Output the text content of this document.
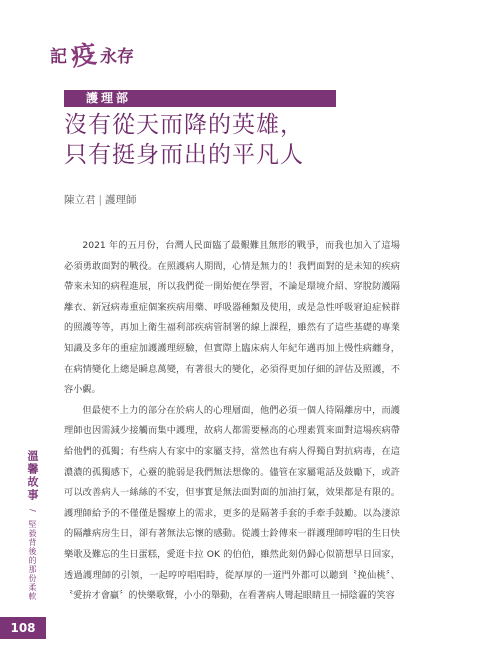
記 疫 永存
護理部
沒有從天而降的英雄，
只有挺身而出的平凡人
陳立君 | 護理師

2021 年的五月份，台灣人民面臨了最艱難且無形的戰爭，而我也加入了這場必須勇敢面對的戰役。在照護病人期間，心情是無力的！我們面對的是未知的疾病帶來未知的病程進展，所以我們從一開始便在學習，不論是環境介紹、穿脫防護隔離衣、新冠病毒重症個案疾病用藥、呼吸器種類及使用，或是急性呼吸窘迫症候群的照護等等，再加上衛生福利部疾病管制署的線上課程，雖然有了這些基礎的專業知識及多年的重症加護護理經驗，但實際上臨床病人年紀年邁再加上慢性病纏身，在病情變化上總是瞬息萬變，有著很大的變化，必須得更加仔細的評估及照護，不容小覷。

但最使不上力的部分在於病人的心理層面，他們必須一個人待隔離房中，而護理師也因需減少接觸而集中護理，故病人都需要極高的心理素質來面對這場疾病帶給他們的孤獨；有些病人有家中的家屬支持，當然也有病人得獨自對抗病毒，在這濃濃的孤獨感下，心靈的脆弱是我們無法想像的。儘管在家屬電話及鼓勵下，或許可以改善病人一絲絲的不安，但事實是無法面對面的加油打氣，效果都是有限的。護理師給予的不僅僅是醫療上的需求，更多的是隔著手套的手牽手鼓勵。以為淒涼的隔離病房生日，卻有著無法忘懷的感動。從護士鈴傳來一群護理師哼唱的生日快樂歌及難忘的生日蛋糕，愛逛卡拉 OK 的伯伯，雖然此刻仍歸心似箭想早日回家，透過護理師的引領，一起哼哼唱唱時，從厚厚的一道門外都可以聽到〝挽仙桃〞、〝愛拚才會贏〞的快樂歌聲，小小的舉動，在看著病人彎起眼睛且一掃陰霾的笑容

溫馨故事 / 堅毅背後的那份柔軟
108
